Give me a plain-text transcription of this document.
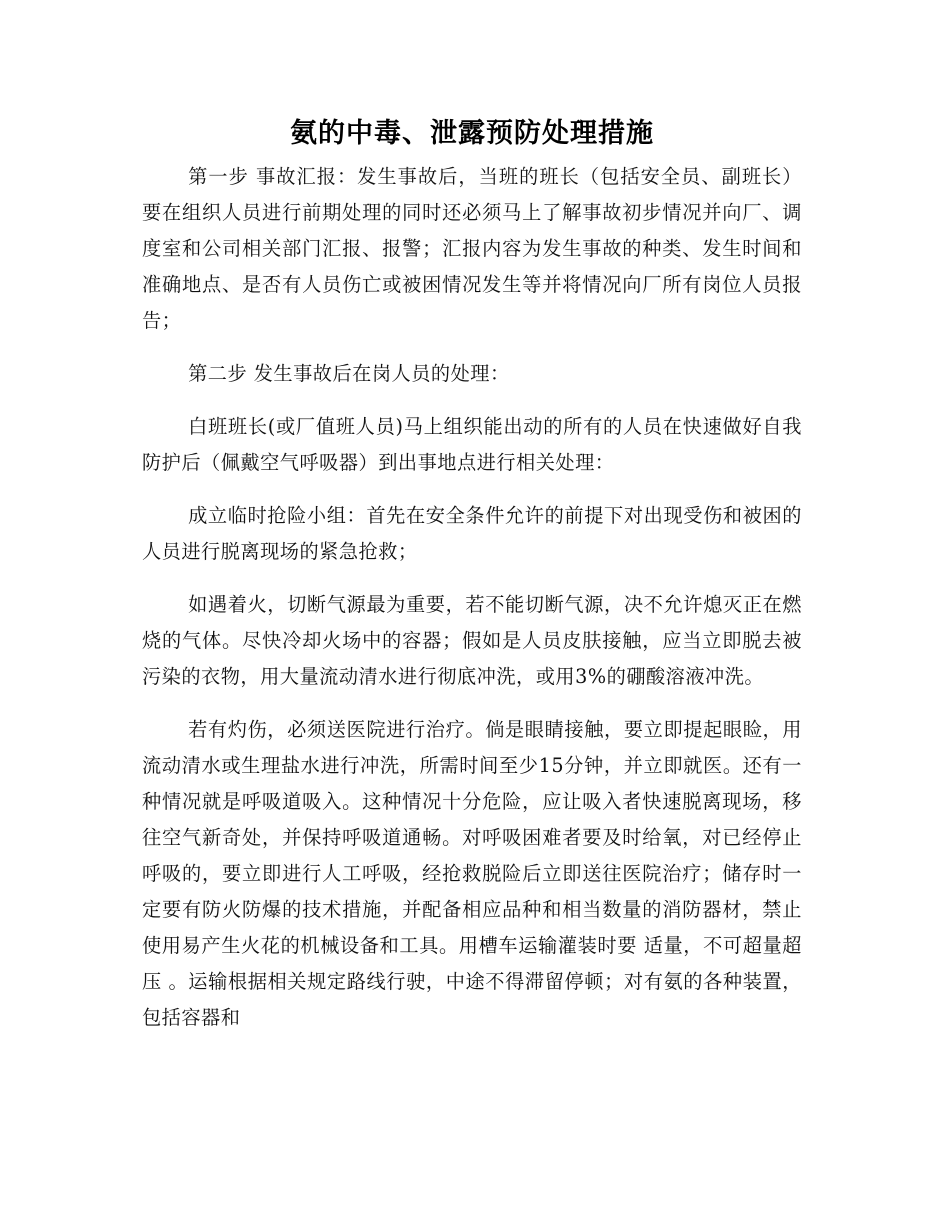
氨的中毒、泄露预防处理措施

第一步 事故汇报：发生事故后，当班的班长（包括安全员、副班长）要在组织人员进行前期处理的同时还必须马上了解事故初步情况并向厂、调度室和公司相关部门汇报、报警；汇报内容为发生事故的种类、发生时间和准确地点、是否有人员伤亡或被困情况发生等并将情况向厂所有岗位人员报告；

第二步 发生事故后在岗人员的处理：

白班班长(或厂值班人员)马上组织能出动的所有的人员在快速做好自我防护后（佩戴空气呼吸器）到出事地点进行相关处理：

成立临时抢险小组：首先在安全条件允许的前提下对出现受伤和被困的人员进行脱离现场的紧急抢救；

如遇着火，切断气源最为重要，若不能切断气源，决不允许熄灭正在燃烧的气体。尽快冷却火场中的容器；假如是人员皮肤接触，应当立即脱去被污染的衣物，用大量流动清水进行彻底冲洗，或用3%的硼酸溶液冲洗。

若有灼伤，必须送医院进行治疗。倘是眼睛接触，要立即提起眼睑，用流动清水或生理盐水进行冲洗，所需时间至少15分钟，并立即就医。还有一种情况就是呼吸道吸入。这种情况十分危险，应让吸入者快速脱离现场，移往空气新奇处，并保持呼吸道通畅。对呼吸困难者要及时给氧，对已经停止呼吸的，要立即进行人工呼吸，经抢救脱险后立即送往医院治疗；储存时一定要有防火防爆的技术措施，并配备相应品种和相当数量的消防器材，禁止使用易产生火花的机械设备和工具。用槽车运输灌装时要 适量，不可超量超压 。运输根据相关规定路线行驶，中途不得滞留停顿；对有氨的各种装置，包括容器和
